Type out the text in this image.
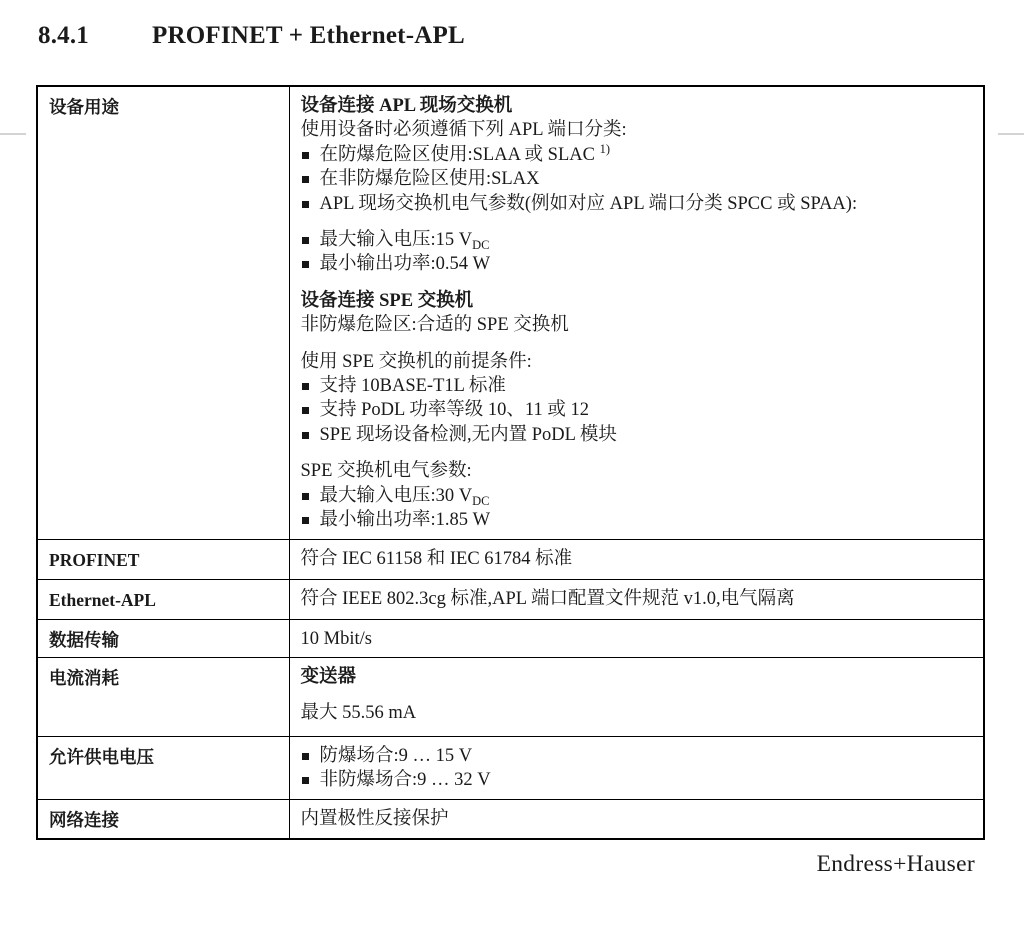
8.4.1	PROFINET + Ethernet-APL
设备用途	设备连接 APL 现场交换机
使用设备时必须遵循下列 APL 端口分类:
在防爆危险区使用:SLAA 或 SLAC $^{1)}$
在非防爆危险区使用:SLAX
APL 现场交换机电气参数(例如对应 APL 端口分类 SPCC 或 SPAA):
最大输入电压:15 $V_{DC}$
最小输出功率:0.54 W
设备连接 SPE 交换机
非防爆危险区:合适的 SPE 交换机
使用 SPE 交换机的前提条件:
支持 10BASE-T1L 标准
支持 PoDL 功率等级 10、11 或 12
SPE 现场设备检测,无内置 PoDL 模块
SPE 交换机电气参数:
最大输入电压:30 $V_{DC}$
最小输出功率:1.85 W

PROFINET	符合 IEC 61158 和 IEC 61784 标准

Ethernet-APL	符合 IEEE 802.3cg 标准,APL 端口配置文件规范 v1.0,电气隔离

数据传输	10 Mbit/s

电流消耗	变送器
最大 55.56 mA

允许供电电压	防爆场合:9 … 15 V
非防爆场合:9 … 32 V

网络连接	内置极性反接保护
Endress+Hauser
